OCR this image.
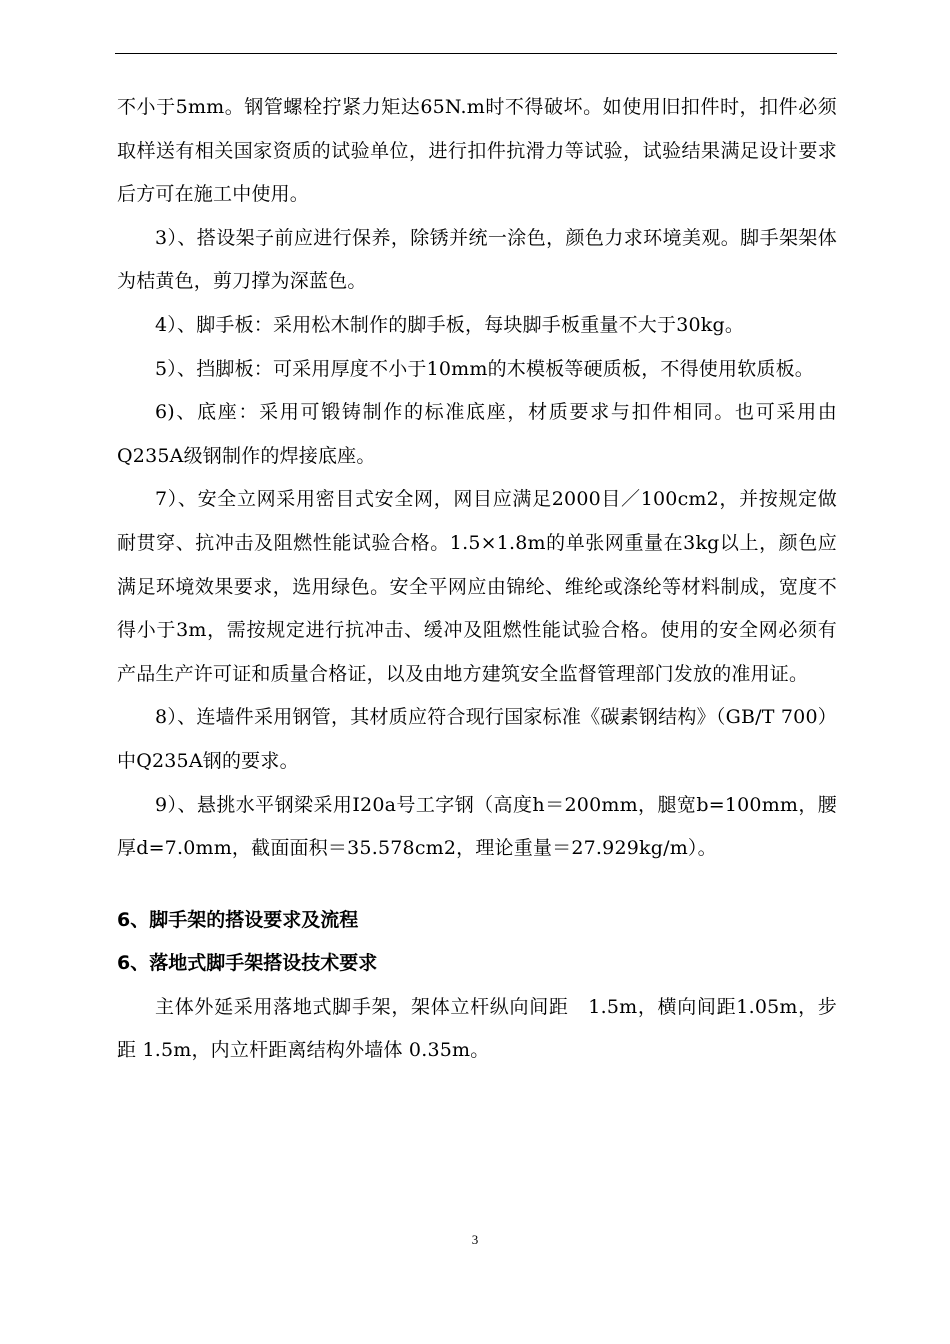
不小于5mm。钢管螺栓拧紧力矩达65N.m时不得破坏。如使用旧扣件时，扣件必须取样送有相关国家资质的试验单位，进行扣件抗滑力等试验，试验结果满足设计要求后方可在施工中使用。

3）、搭设架子前应进行保养，除锈并统一涂色，颜色力求环境美观。脚手架架体为桔黄色，剪刀撑为深蓝色。

4）、脚手板：采用松木制作的脚手板，每块脚手板重量不大于30kg。

5）、挡脚板：可采用厚度不小于10mm的木模板等硬质板，不得使用软质板。

6)、底座：采用可锻铸制作的标准底座，材质要求与扣件相同。也可采用由Q235A级钢制作的焊接底座。

7）、安全立网采用密目式安全网，网目应满足2000目／100cm2，并按规定做耐贯穿、抗冲击及阻燃性能试验合格。1.5×1.8m的单张网重量在3kg以上，颜色应满足环境效果要求，选用绿色。安全平网应由锦纶、维纶或涤纶等材料制成，宽度不得小于3m，需按规定进行抗冲击、缓冲及阻燃性能试验合格。使用的安全网必须有产品生产许可证和质量合格证，以及由地方建筑安全监督管理部门发放的准用证。

8）、连墙件采用钢管，其材质应符合现行国家标准《碳素钢结构》（GB/T 700）中Q235A钢的要求。

9）、悬挑水平钢梁采用I20a号工字钢（高度h＝200mm，腿宽b=100mm，腰厚d=7.0mm，截面面积＝35.578cm2，理论重量＝27.929kg/m）。

6、脚手架的搭设要求及流程
6、落地式脚手架搭设技术要求

主体外延采用落地式脚手架，架体立杆纵向间距　1.5m，横向间距1.05m，步距 1.5m，内立杆距离结构外墙体 0.35m。

3
